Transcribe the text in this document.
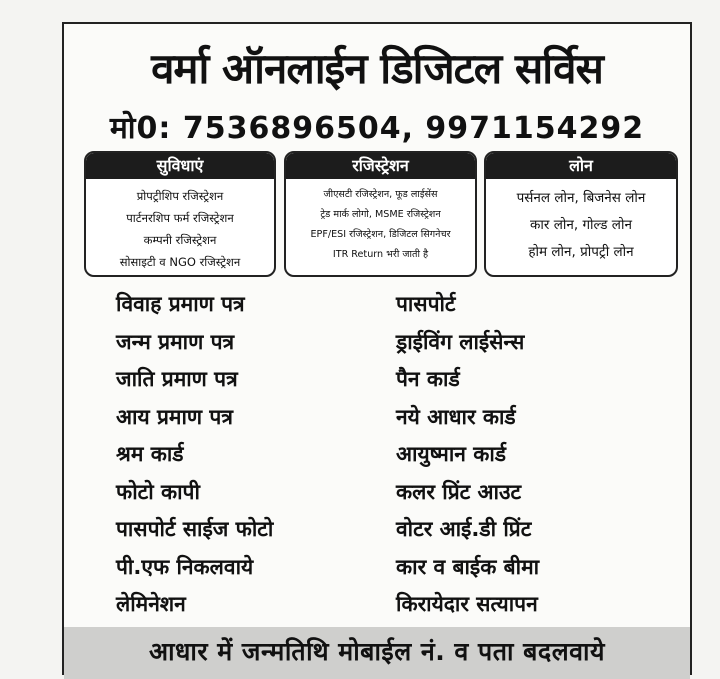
वर्मा ऑनलाईन डिजिटल सर्विस
मो0: 7536896504, 9971154292
सुविधाएं
प्रोपट्रीशिप रजिस्ट्रेशन
पार्टनरशिप फर्म रजिस्ट्रेशन
कम्पनी रजिस्ट्रेशन
सोसाइटी व NGO रजिस्ट्रेशन
रजिस्ट्रेशन
जीएसटी रजिस्ट्रेशन, फूड लाईसेंस
ट्रेड मार्क लोगो, MSME रजिस्ट्रेशन
EPF/ESI रजिस्ट्रेशन, डिजिटल सिगनेचर
ITR Return भरी जाती है
लोन
पर्सनल लोन, बिजनेस लोन
कार लोन, गोल्ड लोन
होम लोन, प्रोपट्री लोन
विवाह प्रमाण पत्र
जन्म प्रमाण पत्र
जाति प्रमाण पत्र
आय प्रमाण पत्र
श्रम कार्ड
फोटो कापी
पासपोर्ट साईज फोटो
पी.एफ निकलवाये
लेमिनेशन
पासपोर्ट
ड्राईविंग लाईसेन्स
पैन कार्ड
नये आधार कार्ड
आयुष्मान कार्ड
कलर प्रिंट आउट
वोटर आई.डी प्रिंट
कार व बाईक बीमा
किरायेदार सत्यापन
आधार में जन्मतिथि मोबाईल नं. व पता बदलवाये
